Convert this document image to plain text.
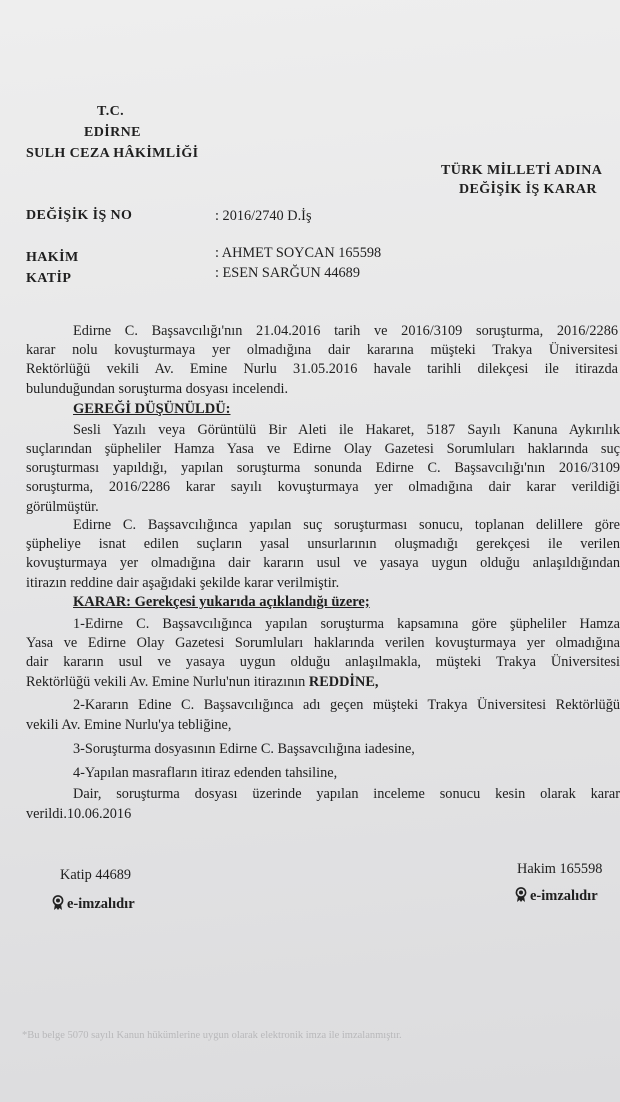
T.C.
EDİRNE
SULH CEZA HÂKİMLİĞİ
TÜRK MİLLETİ ADINA
DEĞİŞİK İŞ KARAR
DEĞİŞİK İŞ NO	: 2016/2740 D.İş
HAKİM	: AHMET SOYCAN 165598
KATİP	: ESEN SARĞUN 44689
Edirne C. Başsavcılığı'nın 21.04.2016 tarih ve 2016/3109 soruşturma, 2016/2286
karar nolu kovuşturmaya yer olmadığına dair kararına müşteki Trakya Üniversitesi
Rektörlüğü vekili Av. Emine Nurlu 31.05.2016 havale tarihli dilekçesi ile itirazda
bulunduğundan soruşturma dosyası incelendi.
GEREĞİ DÜŞÜNÜLDÜ:
Sesli Yazılı veya Görüntülü Bir Aleti ile Hakaret, 5187 Sayılı Kanuna Aykırılık
suçlarından şüpheliler Hamza Yasa ve Edirne Olay Gazetesi Sorumluları haklarında suç
soruşturması yapıldığı, yapılan soruşturma sonunda Edirne C. Başsavcılığı'nın 2016/3109
soruşturma, 2016/2286 karar sayılı kovuşturmaya yer olmadığına dair karar verildiği
görülmüştür.
Edirne C. Başsavcılığınca yapılan suç soruşturması sonucu, toplanan delillere göre
şüpheliye isnat edilen suçların yasal unsurlarının oluşmadığı gerekçesi ile verilen
kovuşturmaya yer olmadığına dair kararın usul ve yasaya uygun olduğu anlaşıldığından
itirazın reddine dair aşağıdaki şekilde karar verilmiştir.
KARAR: Gerekçesi yukarıda açıklandığı üzere;
1-Edirne C. Başsavcılığınca yapılan soruşturma kapsamına göre şüpheliler Hamza
Yasa ve Edirne Olay Gazetesi Sorumluları haklarında verilen kovuşturmaya yer olmadığına
dair kararın usul ve yasaya uygun olduğu anlaşılmakla, müşteki Trakya Üniversitesi
Rektörlüğü vekili Av. Emine Nurlu'nun itirazının REDDİNE,
2-Kararın Edine C. Başsavcılığınca adı geçen müşteki Trakya Üniversitesi Rektörlüğü
vekili Av. Emine Nurlu'ya tebliğine,
3-Soruşturma dosyasının Edirne C. Başsavcılığına iadesine,
4-Yapılan masrafların itiraz edenden tahsiline,
Dair, soruşturma dosyası üzerinde yapılan inceleme sonucu kesin olarak karar
verildi.10.06.2016
Katip 44689
e-imzalıdır
Hakim 165598
e-imzalıdır
*Bu belge 5070 sayılı Kanun hükümlerine uygun olarak elektronik imza ile imzalanmıştır.
